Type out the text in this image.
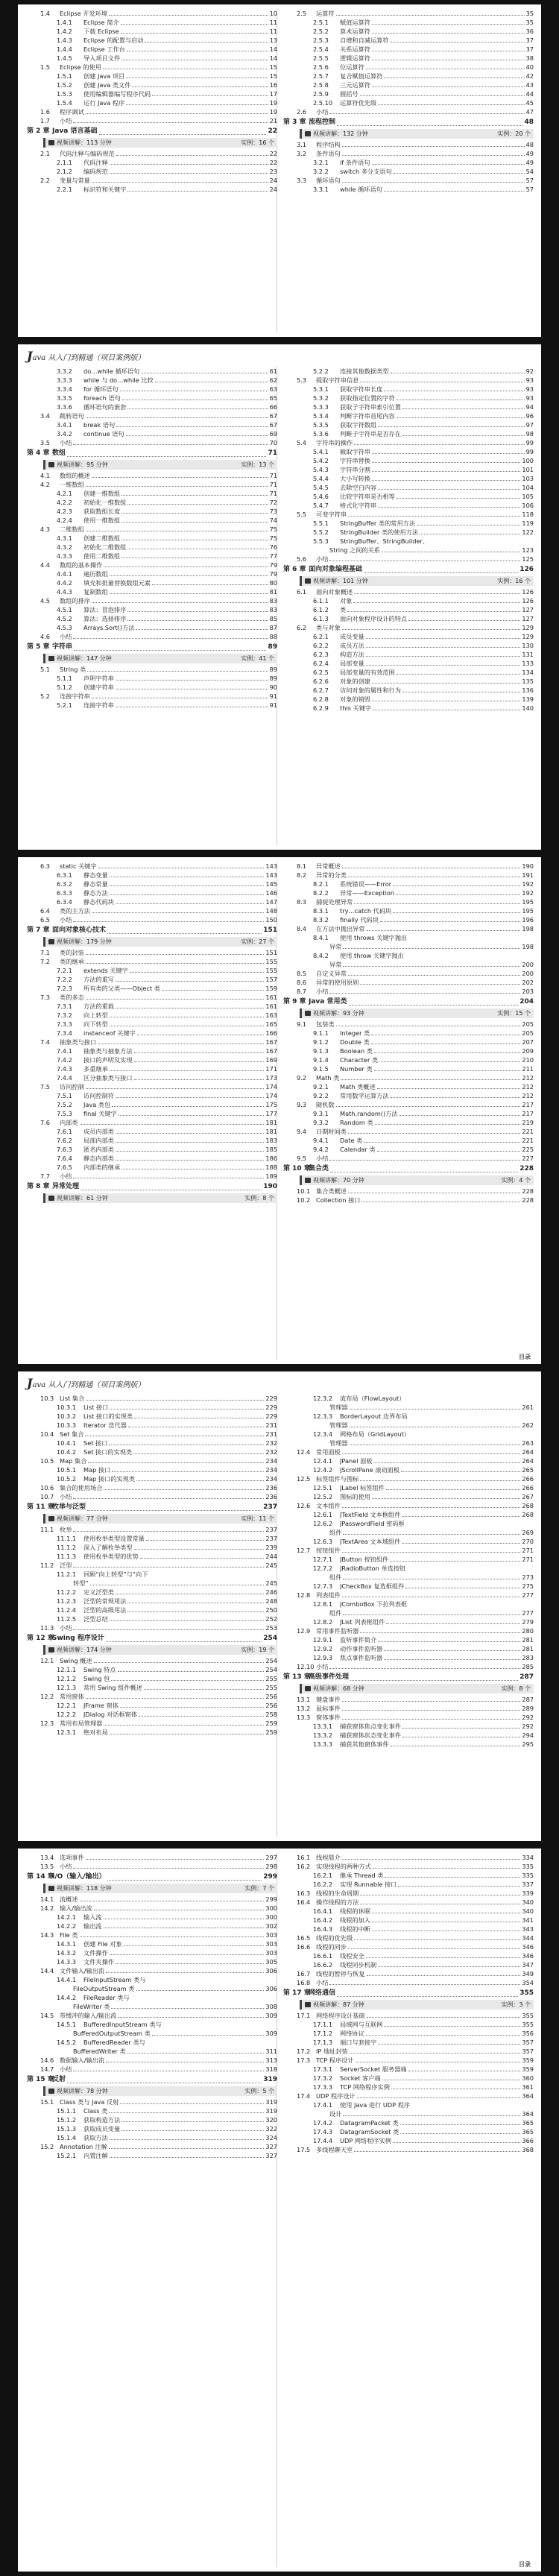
1.4	Eclipse 开发环境	10
1.4.1	Eclipse 简介	11
1.4.2	下载 Eclipse	11
1.4.3	Eclipse 的配置与启动	13
1.4.4	Eclipse 工作台	14
1.4.5	导入项目文件	14
1.5	Eclipse 的使用	15
1.5.1	创建 Java 项目	15
1.5.2	创建 Java 类文件	16
1.5.3	使用编辑器编写程序代码	17
1.5.4	运行 Java 程序	19
1.6	程序调试	19
1.7	小结	21
第 2 章 Java 语言基础	22
视频讲解：113 分钟	实例：16 个
2.1	代码注释与编码规范	22
2.1.1	代码注释	22
2.1.2	编码规范	23
2.2	变量与常量	24
2.2.1	标识符和关键字	24
2.5	运算符	35
2.5.1	赋值运算符	35
2.5.2	算术运算符	36
2.5.3	自增和自减运算符	37
2.5.4	关系运算符	37
2.5.5	逻辑运算符	38
2.5.6	位运算符	40
2.5.7	复合赋值运算符	42
2.5.8	三元运算符	43
2.5.9	圆括号	44
2.5.10	运算符优先级	45
2.6	小结	47
第 3 章 流程控制	48
视频讲解：132 分钟	实例：20 个
3.1	程序结构	48
3.2	条件语句	49
3.2.1	if 条件语句	49
3.2.2	switch 多分支语句	54
3.3	循环语句	57
3.3.1	while 循环语句	57
Java 从入门到精通（项目案例版）
3.3.2	do…while 循环语句	61
3.3.3	while 与 do…while 比较	62
3.3.4	for 循环语句	63
3.3.5	foreach 语句	65
3.3.6	循环语句的嵌套	66
3.4	跳转语句	67
3.4.1	break 语句	67
3.4.2	continue 语句	69
3.5	小结	70
第 4 章 数组	71
视频讲解：95 分钟	实例：13 个
4.1	数组的概述	71
4.2	一维数组	71
4.2.1	创建一维数组	71
4.2.2	初始化一维数组	72
4.2.3	获取数组长度	73
4.2.4	使用一维数组	74
4.3	二维数组	75
4.3.1	创建二维数组	75
4.3.2	初始化二维数组	76
4.3.3	使用二维数组	77
4.4	数组的基本操作	79
4.4.1	遍历数组	79
4.4.2	填充和批量替换数组元素	80
4.4.3	复制数组	81
4.5	数组的排序	83
4.5.1	算法：冒泡排序	83
4.5.2	算法：选择排序	85
4.5.3	Arrays.Sort()方法	87
4.6	小结	88
第 5 章 字符串	89
视频讲解：147 分钟	实例：41 个
5.1	String 类	89
5.1.1	声明字符串	89
5.1.2	创建字符串	90
5.2	连接字符串	91
5.2.1	连接字符串	91
5.2.2	连接其他数据类型	92
5.3	提取字符串信息	93
5.3.1	获取字符串长度	93
5.3.2	获取指定位置的字符	93
5.3.3	获取子字符串索引位置	94
5.3.4	判断字符串首尾内容	96
5.3.5	获取字符数组	97
5.3.6	判断子字符串是否存在	98
5.4	字符串的操作	99
5.4.1	截取字符串	99
5.4.2	字符串替换	100
5.4.3	字符串分割	101
5.4.4	大小写转换	103
5.4.5	去除空白内容	104
5.4.6	比较字符串是否相等	105
5.4.7	格式化字符串	106
5.5	可变字符串	118
5.5.1	StringBuffer 类的常用方法	119
5.5.2	StringBuilder 类的使用方法	122
5.5.3	StringBuffer、StringBuilder、
String 之间的关系	123
5.6	小结	125
第 6 章 面向对象编程基础	126
视频讲解：101 分钟	实例：16 个
6.1	面向对象概述	126
6.1.1	对象	126
6.1.2	类	127
6.1.3	面向对象程序设计的特点	127
6.2	类与对象	129
6.2.1	成员变量	129
6.2.2	成员方法	130
6.2.3	构造方法	131
6.2.4	局部变量	133
6.2.5	局部变量的有效范围	134
6.2.6	对象的创建	135
6.2.7	访问对象的属性和行为	136
6.2.8	对象的销毁	139
6.2.9	this 关键字	140
6.3	static 关键字	143
6.3.1	静态变量	143
6.3.2	静态常量	145
6.3.3	静态方法	146
6.3.4	静态代码块	147
6.4	类的主方法	148
6.5	小结	150
第 7 章 面向对象核心技术	151
视频讲解：179 分钟	实例：27 个
7.1	类的封装	151
7.2	类的继承	155
7.2.1	extends 关键字	155
7.2.2	方法的重写	157
7.2.3	所有类的父类——Object 类	159
7.3	类的多态	161
7.3.1	方法的重载	161
7.3.2	向上转型	163
7.3.3	向下转型	165
7.3.4	instanceof 关键字	166
7.4	抽象类与接口	167
7.4.1	抽象类与抽象方法	167
7.4.2	接口的声明及实现	169
7.4.3	多重继承	171
7.4.4	区分抽象类与接口	173
7.5	访问控制	174
7.5.1	访问控制符	174
7.5.2	Java 类包	175
7.5.3	final 关键字	177
7.6	内部类	181
7.6.1	成员内部类	181
7.6.2	局部内部类	183
7.6.3	匿名内部类	185
7.6.4	静态内部类	186
7.6.5	内部类的继承	188
7.7	小结	189
第 8 章 异常处理	190
视频讲解：61 分钟	实例：8 个
8.1	异常概述	190
8.2	异常的分类	191
8.2.1	系统错误——Error	192
8.2.2	异常——Exception	192
8.3	捕捉处理异常	195
8.3.1	try…catch 代码块	195
8.3.2	finally 代码块	196
8.4	在方法中抛出异常	198
8.4.1	使用 throws 关键字抛出
异常	198
8.4.2	使用 throw 关键字抛出
异常	200
8.5	自定义异常	200
8.6	异常的使用原则	202
8.7	小结	203
第 9 章 Java 常用类	204
视频讲解：93 分钟	实例：15 个
9.1	包装类	205
9.1.1	Integer 类	205
9.1.2	Double 类	207
9.1.3	Boolean 类	209
9.1.4	Character 类	210
9.1.5	Number 类	211
9.2	Math 类	212
9.2.1	Math 类概述	212
9.2.2	常用数学运算方法	212
9.3	随机数	217
9.3.1	Math.random()方法	217
9.3.2	Random 类	219
9.4	日期时间类	221
9.4.1	Date 类	221
9.4.2	Calendar 类	225
9.5	小结	227
第 10 章
集合类	228
视频讲解：70 分钟	实例：4 个
10.1 集合类概述	228
10.2 Collection 接口	228
目录
Java 从入门到精通（项目案例版）
10.3 List 集合	229
10.3.1	List 接口	229
10.3.2	List 接口的实现类	229
10.3.3	Iterator 迭代器	231
10.4 Set 集合	231
10.4.1	Set 接口	232
10.4.2	Set 接口的实现类	232
10.5 Map 集合	234
10.5.1	Map 接口	234
10.5.2	Map 接口的实现类	234
10.6 集合的使用场合	236
10.7 小结	236
第 11 章
枚举与泛型	237
视频讲解：77 分钟	实例：11 个
11.1 枚举	237
11.1.1	使用枚举类型设置常量	237
11.1.2	深入了解枚举类型	239
11.1.3	使用枚举类型的优势	244
11.2 泛型	245
11.2.1	回顾“向上转型”与“向下
转型”	245
11.2.2	定义泛型类	246
11.2.3	泛型的常规用法	248
11.2.4	泛型的高级用法	250
11.2.5	泛型总结	252
11.3 小结	253
第 12 章
Swing 程序设计	254
视频讲解：174 分钟	实例：19 个
12.1 Swing 概述	254
12.1.1	Swing 特点	254
12.1.2	Swing 包	255
12.1.3	常用 Swing 组件概述	255
12.2 常用窗体	256
12.2.1	JFrame 窗体	256
12.2.2	JDialog 对话框窗体	258
12.3 常用布局管理器	259
12.3.1	绝对布局	259
12.3.2	流布局（FlowLayout）
管理器	261
12.3.3	BorderLayout 边界布局
管理器	262
12.3.4	网格布局（GridLayout）
管理器	263
12.4 常用面板	264
12.4.1	JPanel 面板	264
12.4.2	JScrollPane 滚动面板	265
12.5 标签组件与图标	266
12.5.1	JLabel 标签组件	266
12.5.2	图标的使用	267
12.6 文本组件	268
12.6.1	JTextField 文本框组件	268
12.6.2	JPasswordField 密码框
组件	269
12.6.3	JTextArea 文本域组件	270
12.7 按钮组件	271
12.7.1	JButton 按钮组件	271
12.7.2	JRadioButton 单选按钮
组件	273
12.7.3	JCheckBox 复选框组件	275
12.8 列表组件	277
12.8.1	JComboBox 下拉列表框
组件	277
12.8.2	JList 列表框组件	279
12.9 常用事件监听器	280
12.9.1	监听事件简介	281
12.9.2	动作事件监听器	281
12.9.3	焦点事件监听器	283
12.10 小结	285
第 13 章
高级事件处理	287
视频讲解：68 分钟	实例：8 个
13.1 键盘事件	287
13.2 鼠标事件	289
13.3 窗体事件	292
13.3.1	捕获窗体焦点变化事件	292
13.3.2	捕获窗体状态变化事件	294
13.3.3	捕获其他窗体事件	295
13.4 选项事件	297
13.5 小结	298
第 14 章
I/O（输入/输出）	299
视频讲解：118 分钟	实例：7 个
14.1 流概述	299
14.2 输入/输出流	300
14.2.1	输入流	300
14.2.2	输出流	302
14.3 File 类	303
14.3.1	创建 File 对象	303
14.3.2	文件操作	303
14.3.3	文件夹操作	305
14.4 文件输入/输出流	306
14.4.1	FileInputStream 类与
FileOutputStream 类	306
14.4.2	FileReader 类与
FileWriter 类	308
14.5 带缓冲的输入/输出流	309
14.5.1	BufferedInputStream 类与
BufferedOutputStream 类	309
14.5.2	BufferedReader 类与
BufferedWriter 类	311
14.6 数据输入/输出流	313
14.7 小结	318
第 15 章
反射	319
视频讲解：78 分钟	实例：5 个
15.1 Class 类与 Java 反射	319
15.1.1	Class 类	319
15.1.2	获取构造方法	320
15.1.3	获取成员变量	322
15.1.4	获取方法	324
15.2 Annotation 注解	327
15.2.1	内置注解	327
16.1 线程简介	334
16.2 实现线程的两种方式	335
16.2.1	继承 Thread 类	335
16.2.2	实现 Runnable 接口	337
16.3 线程的生命周期	339
16.4 操作线程的方法	340
16.4.1	线程的休眠	340
16.4.2	线程的加入	341
16.4.3	线程的中断	343
16.5 线程的优先级	344
16.6 线程的同步	346
16.6.1	线程安全	346
16.6.2	线程同步机制	347
16.7 线程的暂停与恢复	349
16.8 小结	354
第 17 章
网络通信	355
视频讲解：87 分钟	实例：3 个
17.1 网络程序设计基础	355
17.1.1	局域网与互联网	355
17.1.2	网络协议	356
17.1.3	端口与套接字	357
17.2 IP 地址封装	357
17.3 TCP 程序设计	359
17.3.1	ServerSocket 服务器端	359
17.3.2	Socket 客户端	360
17.3.3	TCP 网络程序实例	361
17.4 UDP 程序设计	364
17.4.1	使用 Java 进行 UDP 程序
设计	364
17.4.2	DatagramPacket 类	365
17.4.3	DatagramSocket 类	365
17.4.4	UDP 网络程序实例	366
17.5 多线程聊天室	368
目录
